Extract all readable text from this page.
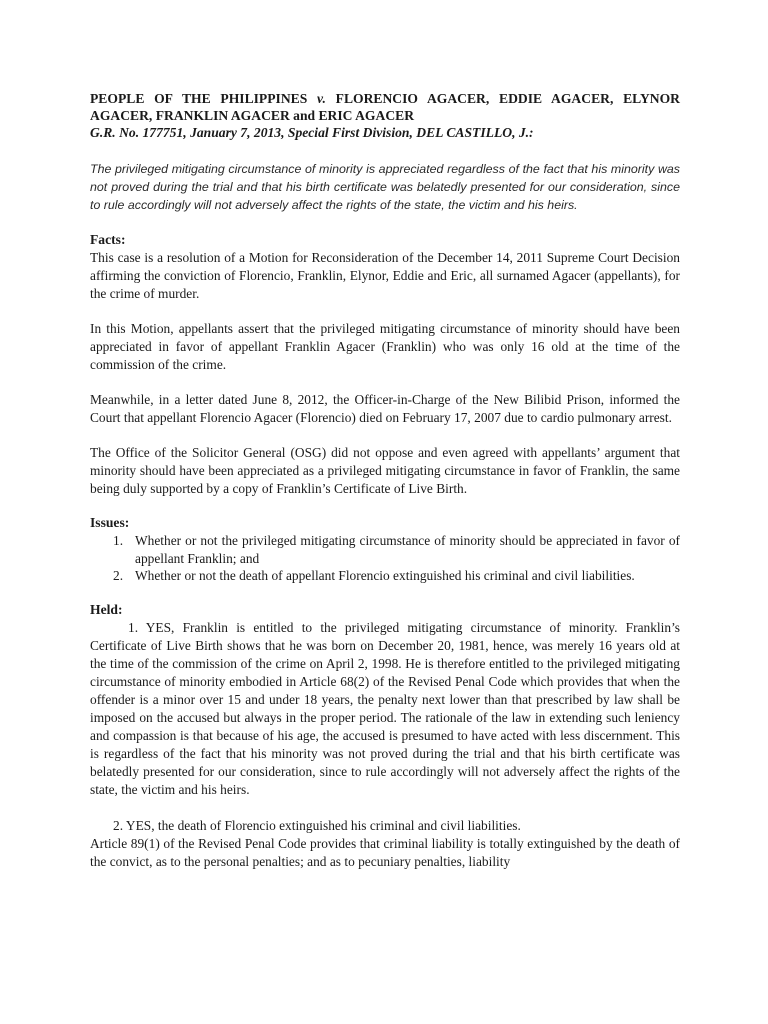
PEOPLE OF THE PHILIPPINES v. FLORENCIO AGACER, EDDIE AGACER, ELYNOR AGACER, FRANKLIN AGACER and ERIC AGACER

G.R. No. 177751, January 7, 2013, Special First Division, DEL CASTILLO, J.:

The privileged mitigating circumstance of minority is appreciated regardless of the fact that his minority was not proved during the trial and that his birth certificate was belatedly presented for our consideration, since to rule accordingly will not adversely affect the rights of the state, the victim and his heirs.

Facts:

This case is a resolution of a Motion for Reconsideration of the December 14, 2011 Supreme Court Decision affirming the conviction of Florencio, Franklin, Elynor, Eddie and Eric, all surnamed Agacer (appellants), for the crime of murder.

In this Motion, appellants assert that the privileged mitigating circumstance of minority should have been appreciated in favor of appellant Franklin Agacer (Franklin) who was only 16 old at the time of the commission of the crime.

Meanwhile, in a letter dated June 8, 2012, the Officer-in-Charge of the New Bilibid Prison, informed the Court that appellant Florencio Agacer (Florencio) died on February 17, 2007 due to cardio pulmonary arrest.

The Office of the Solicitor General (OSG) did not oppose and even agreed with appellants’ argument that minority should have been appreciated as a privileged mitigating circumstance in favor of Franklin, the same being duly supported by a copy of Franklin’s Certificate of Live Birth.

Issues:

1. Whether or not the privileged mitigating circumstance of minority should be appreciated in favor of appellant Franklin; and
2. Whether or not the death of appellant Florencio extinguished his criminal and civil liabilities.

Held:

1. YES, Franklin is entitled to the privileged mitigating circumstance of minority. Franklin’s Certificate of Live Birth shows that he was born on December 20, 1981, hence, was merely 16 years old at the time of the commission of the crime on April 2, 1998. He is therefore entitled to the privileged mitigating circumstance of minority embodied in Article 68(2) of the Revised Penal Code which provides that when the offender is a minor over 15 and under 18 years, the penalty next lower than that prescribed by law shall be imposed on the accused but always in the proper period. The rationale of the law in extending such leniency and compassion is that because of his age, the accused is presumed to have acted with less discernment. This is regardless of the fact that his minority was not proved during the trial and that his birth certificate was belatedly presented for our consideration, since to rule accordingly will not adversely affect the rights of the state, the victim and his heirs.

2. YES, the death of Florencio extinguished his criminal and civil liabilities.

Article 89(1) of the Revised Penal Code provides that criminal liability is totally extinguished by the death of the convict, as to the personal penalties; and as to pecuniary penalties, liability
